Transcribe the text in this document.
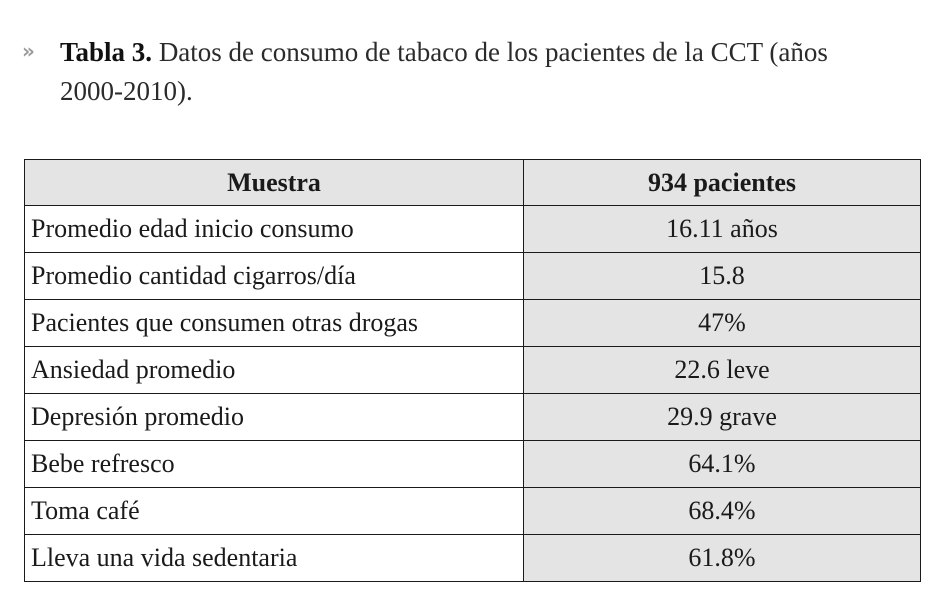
» Tabla 3. Datos de consumo de tabaco de los pacientes de la CCT (años
2000-2010).
Muestra	934 pacientes
Promedio edad inicio consumo	16.11 años
Promedio cantidad cigarros/día	15.8
Pacientes que consumen otras drogas	47%
Ansiedad promedio	22.6 leve
Depresión promedio	29.9 grave
Bebe refresco	64.1%
Toma café	68.4%
Lleva una vida sedentaria	61.8%
